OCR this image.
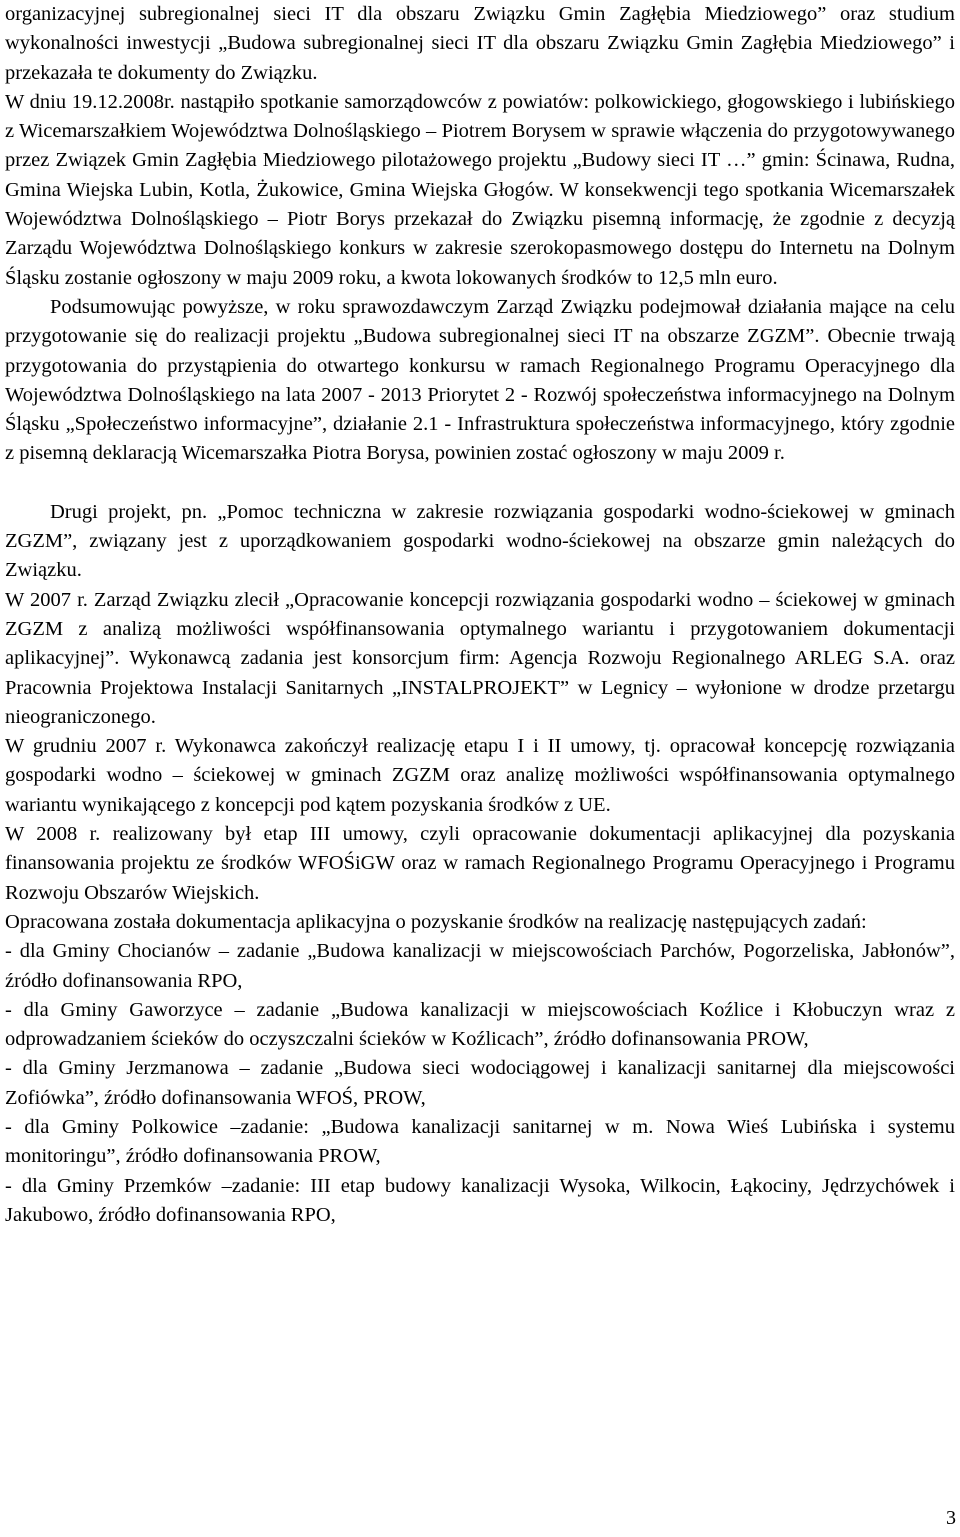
organizacyjnej subregionalnej sieci IT dla obszaru Związku Gmin Zagłębia Miedziowego” oraz studium wykonalności inwestycji „Budowa subregionalnej sieci IT dla obszaru Związku Gmin Zagłębia Miedziowego” i przekazała te dokumenty do Związku.

W dniu 19.12.2008r. nastąpiło spotkanie samorządowców z powiatów: polkowickiego, głogowskiego i lubińskiego z Wicemarszałkiem Województwa Dolnośląskiego – Piotrem Borysem w sprawie włączenia do przygotowywanego przez Związek Gmin Zagłębia Miedziowego pilotażowego projektu „Budowy sieci IT …” gmin: Ścinawa, Rudna, Gmina Wiejska Lubin, Kotla, Żukowice, Gmina Wiejska Głogów. W konsekwencji tego spotkania Wicemarszałek Województwa Dolnośląskiego – Piotr Borys przekazał do Związku pisemną informację, że zgodnie z decyzją Zarządu Województwa Dolnośląskiego konkurs w zakresie szerokopasmowego dostępu do Internetu na Dolnym Śląsku zostanie ogłoszony w maju 2009 roku, a kwota lokowanych środków to 12,5 mln euro.

Podsumowując powyższe, w roku sprawozdawczym Zarząd Związku podejmował działania mające na celu przygotowanie się do realizacji projektu „Budowa subregionalnej sieci IT na obszarze ZGZM”. Obecnie trwają przygotowania do przystąpienia do otwartego konkursu w ramach Regionalnego Programu Operacyjnego dla Województwa Dolnośląskiego na lata 2007 - 2013 Priorytet 2 - Rozwój społeczeństwa informacyjnego na Dolnym Śląsku „Społeczeństwo informacyjne”, działanie 2.1 - Infrastruktura społeczeństwa informacyjnego, który zgodnie z pisemną deklaracją Wicemarszałka Piotra Borysa, powinien zostać ogłoszony w maju 2009 r.

Drugi projekt, pn. „Pomoc techniczna w zakresie rozwiązania gospodarki wodno-ściekowej w gminach ZGZM”, związany jest z uporządkowaniem gospodarki wodno-ściekowej na obszarze gmin należących do Związku.

W 2007 r. Zarząd Związku zlecił „Opracowanie koncepcji rozwiązania gospodarki wodno – ściekowej w gminach ZGZM z analizą możliwości współfinansowania optymalnego wariantu i przygotowaniem dokumentacji aplikacyjnej”. Wykonawcą zadania jest konsorcjum firm: Agencja Rozwoju Regionalnego ARLEG S.A. oraz Pracownia Projektowa Instalacji Sanitarnych „INSTALPROJEKT” w Legnicy – wyłonione w drodze przetargu nieograniczonego.

W grudniu 2007 r. Wykonawca zakończył realizację etapu I i II umowy, tj. opracował koncepcję rozwiązania gospodarki wodno – ściekowej w gminach ZGZM oraz analizę możliwości współfinansowania optymalnego wariantu wynikającego z koncepcji pod kątem pozyskania środków z UE.

W 2008 r. realizowany był etap III umowy, czyli opracowanie dokumentacji aplikacyjnej dla pozyskania finansowania projektu ze środków WFOŚiGW oraz w ramach Regionalnego Programu Operacyjnego i Programu Rozwoju Obszarów Wiejskich.

Opracowana została dokumentacja aplikacyjna o pozyskanie środków na realizację następujących zadań:

- dla Gminy Chocianów – zadanie „Budowa kanalizacji w miejscowościach Parchów, Pogorzeliska, Jabłonów”, źródło dofinansowania RPO,

- dla Gminy Gaworzyce – zadanie „Budowa kanalizacji w miejscowościach Koźlice i Kłobuczyn wraz z odprowadzaniem ścieków do oczyszczalni ścieków w Koźlicach”, źródło dofinansowania PROW,

- dla Gminy Jerzmanowa – zadanie „Budowa sieci wodociągowej i kanalizacji sanitarnej dla miejscowości Zofiówka”, źródło dofinansowania WFOŚ, PROW,

- dla Gminy Polkowice –zadanie: „Budowa kanalizacji sanitarnej w m. Nowa Wieś Lubińska i systemu monitoringu”, źródło dofinansowania PROW,

- dla Gminy Przemków –zadanie: III etap budowy kanalizacji Wysoka, Wilkocin, Łąkociny, Jędrzychówek i Jakubowo, źródło dofinansowania RPO,

3
